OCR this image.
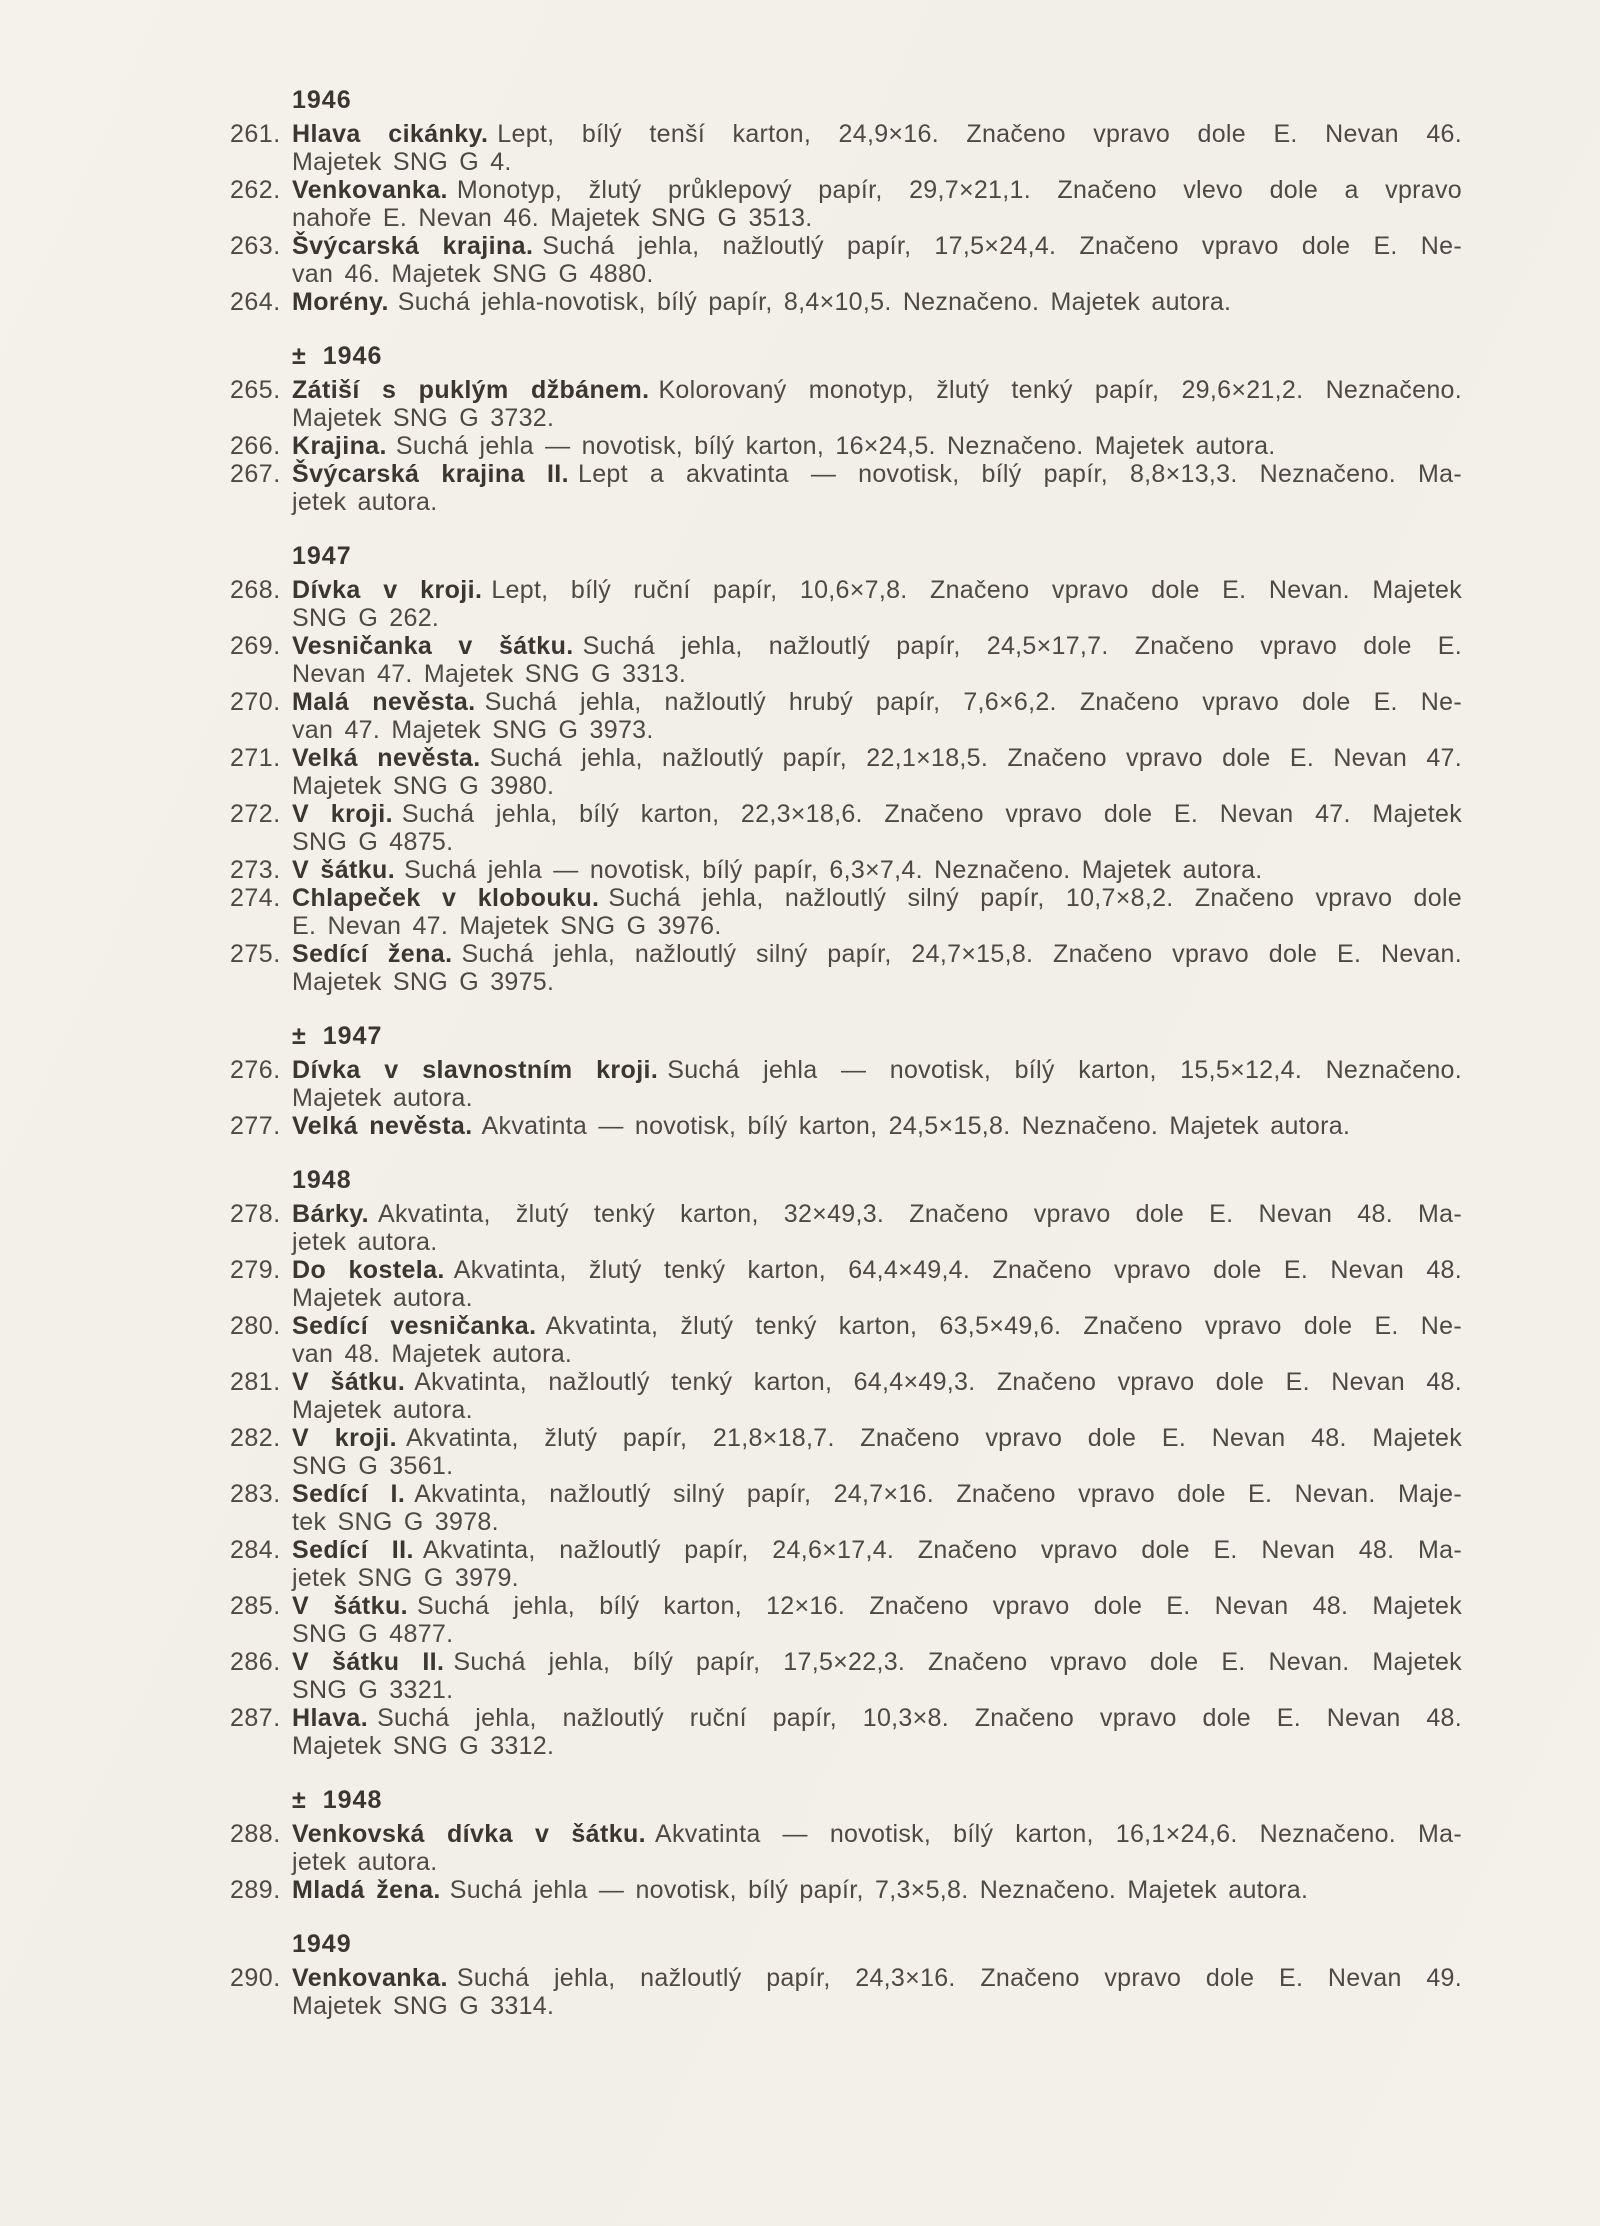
1946
261. Hlava cikánky. Lept, bílý tenší karton, 24,9×16. Značeno vpravo dole E. Nevan 46.
Majetek SNG G 4.
262. Venkovanka. Monotyp, žlutý průklepový papír, 29,7×21,1. Značeno vlevo dole a vpravo
nahoře E. Nevan 46. Majetek SNG G 3513.
263. Švýcarská krajina. Suchá jehla, nažloutlý papír, 17,5×24,4. Značeno vpravo dole E. Ne-
van 46. Majetek SNG G 4880.
264. Morény. Suchá jehla-novotisk, bílý papír, 8,4×10,5. Neznačeno. Majetek autora.
± 1946
265. Zátiší s puklým džbánem. Kolorovaný monotyp, žlutý tenký papír, 29,6×21,2. Neznačeno.
Majetek SNG G 3732.
266. Krajina. Suchá jehla — novotisk, bílý karton, 16×24,5. Neznačeno. Majetek autora.
267. Švýcarská krajina II. Lept a akvatinta — novotisk, bílý papír, 8,8×13,3. Neznačeno. Ma-
jetek autora.
1947
268. Dívka v kroji. Lept, bílý ruční papír, 10,6×7,8. Značeno vpravo dole E. Nevan. Majetek
SNG G 262.
269. Vesničanka v šátku. Suchá jehla, nažloutlý papír, 24,5×17,7. Značeno vpravo dole E.
Nevan 47. Majetek SNG G 3313.
270. Malá nevěsta. Suchá jehla, nažloutlý hrubý papír, 7,6×6,2. Značeno vpravo dole E. Ne-
van 47. Majetek SNG G 3973.
271. Velká nevěsta. Suchá jehla, nažloutlý papír, 22,1×18,5. Značeno vpravo dole E. Nevan 47.
Majetek SNG G 3980.
272. V kroji. Suchá jehla, bílý karton, 22,3×18,6. Značeno vpravo dole E. Nevan 47. Majetek
SNG G 4875.
273. V šátku. Suchá jehla — novotisk, bílý papír, 6,3×7,4. Neznačeno. Majetek autora.
274. Chlapeček v klobouku. Suchá jehla, nažloutlý silný papír, 10,7×8,2. Značeno vpravo dole
E. Nevan 47. Majetek SNG G 3976.
275. Sedící žena. Suchá jehla, nažloutlý silný papír, 24,7×15,8. Značeno vpravo dole E. Nevan.
Majetek SNG G 3975.
± 1947
276. Dívka v slavnostním kroji. Suchá jehla — novotisk, bílý karton, 15,5×12,4. Neznačeno.
Majetek autora.
277. Velká nevěsta. Akvatinta — novotisk, bílý karton, 24,5×15,8. Neznačeno. Majetek autora.
1948
278. Bárky. Akvatinta, žlutý tenký karton, 32×49,3. Značeno vpravo dole E. Nevan 48. Ma-
jetek autora.
279. Do kostela. Akvatinta, žlutý tenký karton, 64,4×49,4. Značeno vpravo dole E. Nevan 48.
Majetek autora.
280. Sedící vesničanka. Akvatinta, žlutý tenký karton, 63,5×49,6. Značeno vpravo dole E. Ne-
van 48. Majetek autora.
281. V šátku. Akvatinta, nažloutlý tenký karton, 64,4×49,3. Značeno vpravo dole E. Nevan 48.
Majetek autora.
282. V kroji. Akvatinta, žlutý papír, 21,8×18,7. Značeno vpravo dole E. Nevan 48. Majetek
SNG G 3561.
283. Sedící I. Akvatinta, nažloutlý silný papír, 24,7×16. Značeno vpravo dole E. Nevan. Maje-
tek SNG G 3978.
284. Sedící II. Akvatinta, nažloutlý papír, 24,6×17,4. Značeno vpravo dole E. Nevan 48. Ma-
jetek SNG G 3979.
285. V šátku. Suchá jehla, bílý karton, 12×16. Značeno vpravo dole E. Nevan 48. Majetek
SNG G 4877.
286. V šátku II. Suchá jehla, bílý papír, 17,5×22,3. Značeno vpravo dole E. Nevan. Majetek
SNG G 3321.
287. Hlava. Suchá jehla, nažloutlý ruční papír, 10,3×8. Značeno vpravo dole E. Nevan 48.
Majetek SNG G 3312.
± 1948
288. Venkovská dívka v šátku. Akvatinta — novotisk, bílý karton, 16,1×24,6. Neznačeno. Ma-
jetek autora.
289. Mladá žena. Suchá jehla — novotisk, bílý papír, 7,3×5,8. Neznačeno. Majetek autora.
1949
290. Venkovanka. Suchá jehla, nažloutlý papír, 24,3×16. Značeno vpravo dole E. Nevan 49.
Majetek SNG G 3314.
